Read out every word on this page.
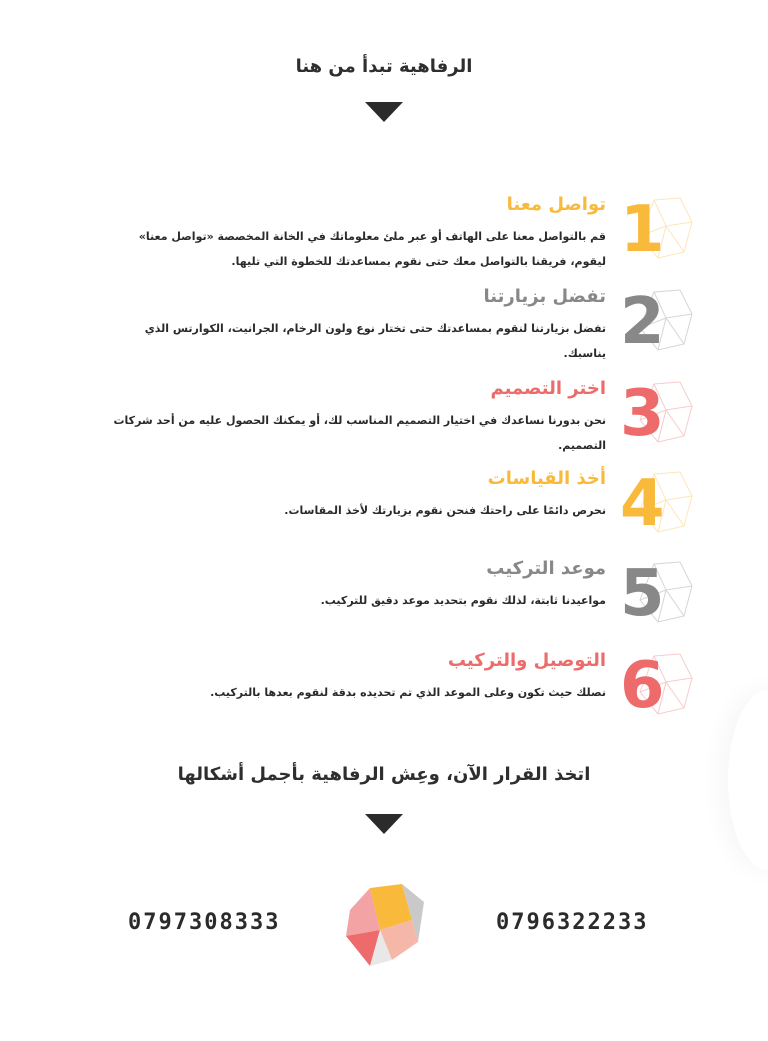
الرفاهية تبدأ من هنا
1
تواصل معنا
قم بالتواصل معنا على الهاتف أو عبر ملئ معلوماتك في الخانة المخصصة «تواصل معنا» ليقوم، فريقنا بالتواصل معك حتى نقوم بمساعدتك للخطوة التي تليها.
2
تفضل بزيارتنا
تفضل بزيارتنا لنقوم بمساعدتك حتى تختار نوع ولون الرخام، الجرانيت، الكوارتس الذي يناسبك.
3
اختر التصميم
نحن بدورنا نساعدك في اختيار التصميم المناسب لك، أو يمكنك الحصول عليه من أحد شركات التصميم.
4
أخذ القياسات
نحرص دائمًا على راحتك فنحن نقوم بزيارتك لأخذ المقاسات.
5
موعد التركيب
مواعيدنا ثابتة، لذلك نقوم بتحديد موعد دقيق للتركيب.
6
التوصيل والتركيب
نصلك حيث تكون وعلى الموعد الذي تم تحديده بدقة لنقوم بعدها بالتركيب.
اتخذ القرار الآن، وعِش الرفاهية بأجمل أشكالها
0797308333	0796322233
